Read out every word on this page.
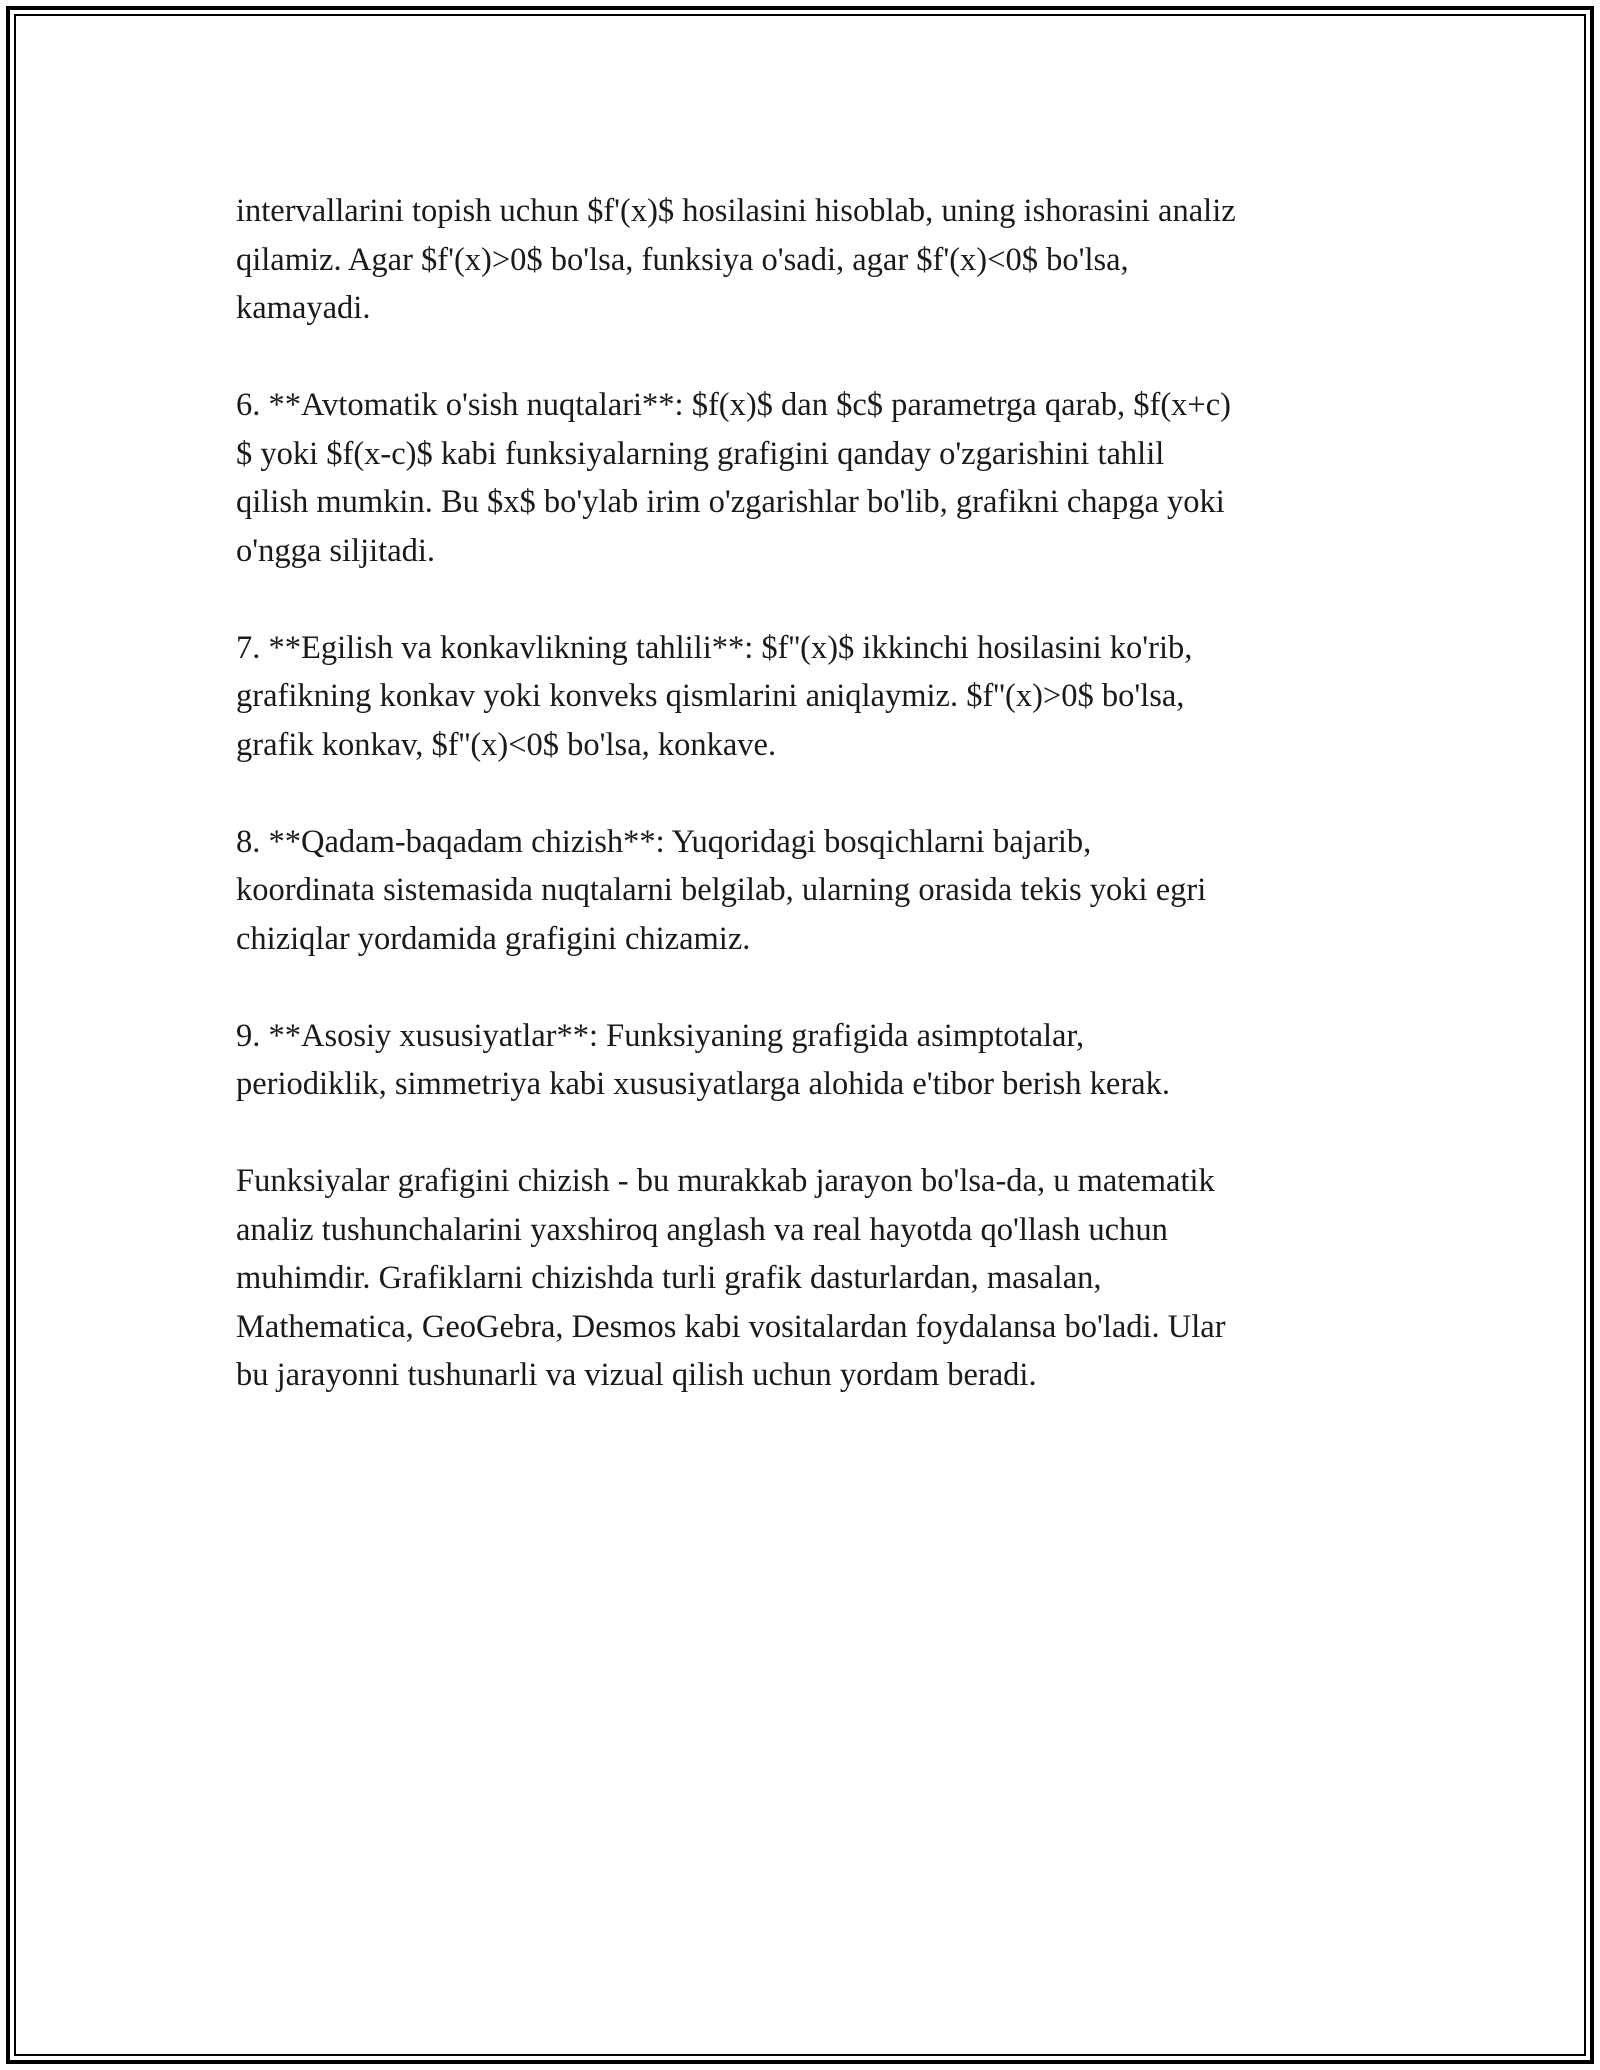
intervallarini topish uchun $f'(x)$ hosilasini hisoblab, uning ishorasini analiz
qilamiz. Agar $f'(x)>0$ bo'lsa, funksiya o'sadi, agar $f'(x)<0$ bo'lsa,
kamayadi.

6. **Avtomatik o'sish nuqtalari**: $f(x)$ dan $c$ parametrga qarab, $f(x+c)
$ yoki $f(x-c)$ kabi funksiyalarning grafigini qanday o'zgarishini tahlil
qilish mumkin. Bu $x$ bo'ylab irim o'zgarishlar bo'lib, grafikni chapga yoki
o'ngga siljitadi.

7. **Egilish va konkavlikning tahlili**: $f''(x)$ ikkinchi hosilasini ko'rib,
grafikning konkav yoki konveks qismlarini aniqlaymiz. $f''(x)>0$ bo'lsa,
grafik konkav, $f''(x)<0$ bo'lsa, konkave.

8. **Qadam-baqadam chizish**: Yuqoridagi bosqichlarni bajarib,
koordinata sistemasida nuqtalarni belgilab, ularning orasida tekis yoki egri
chiziqlar yordamida grafigini chizamiz.

9. **Asosiy xususiyatlar**: Funksiyaning grafigida asimptotalar,
periodiklik, simmetriya kabi xususiyatlarga alohida e'tibor berish kerak.

Funksiyalar grafigini chizish - bu murakkab jarayon bo'lsa-da, u matematik
analiz tushunchalarini yaxshiroq anglash va real hayotda qo'llash uchun
muhimdir. Grafiklarni chizishda turli grafik dasturlardan, masalan,
Mathematica, GeoGebra, Desmos kabi vositalardan foydalansa bo'ladi. Ular
bu jarayonni tushunarli va vizual qilish uchun yordam beradi.
